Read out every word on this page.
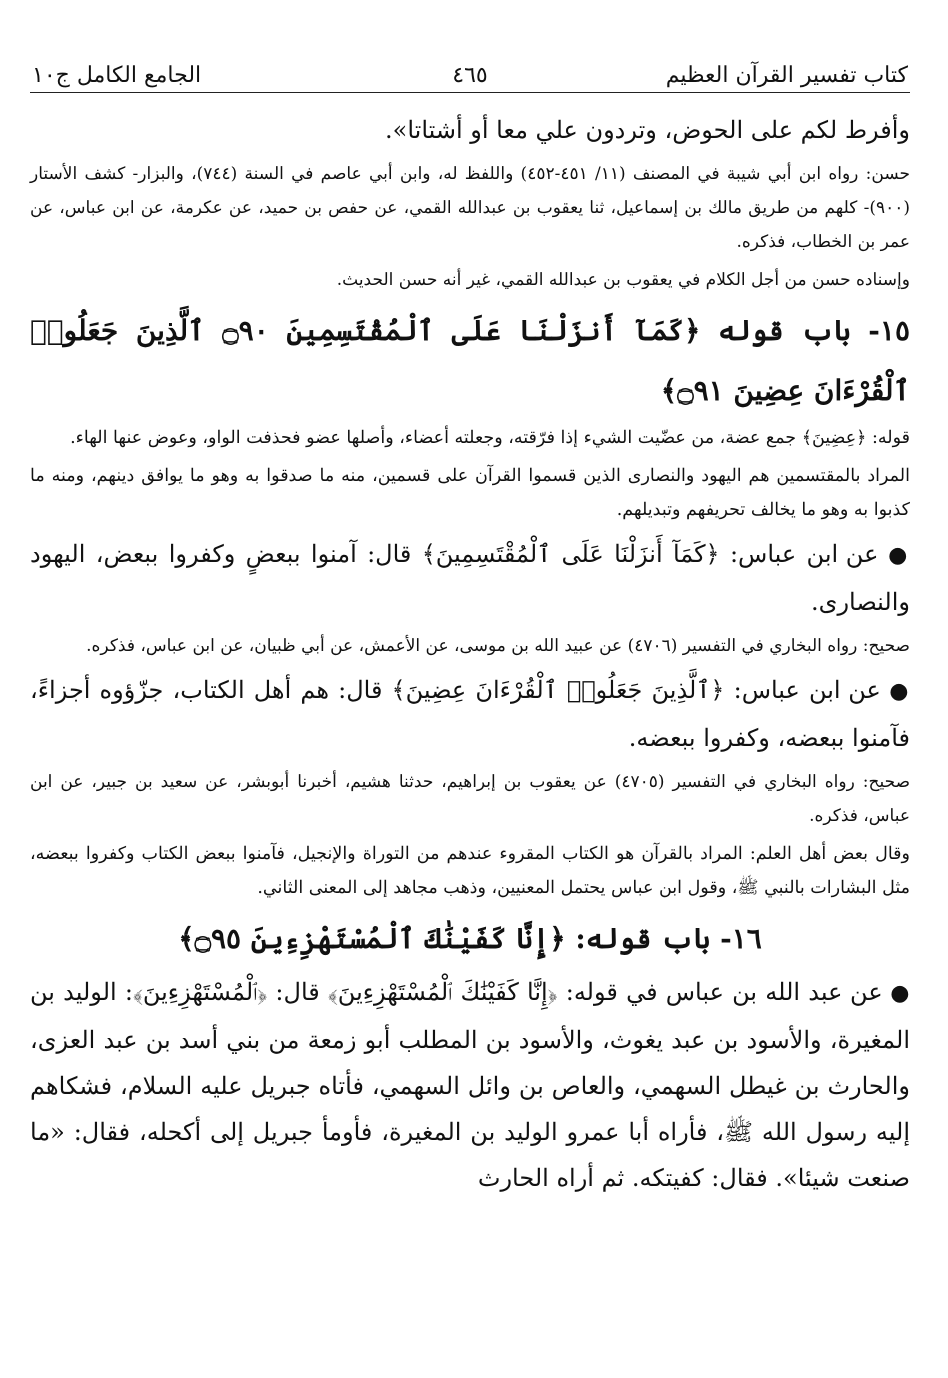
كتاب تفسير القرآن العظيم
٤٦٥
الجامع الكامل ج١٠

وأفرط لكم على الحوض، وتردون علي معا أو أشتاتا».

حسن: رواه ابن أبي شيبة في المصنف (١١/ ٤٥١-٤٥٢) واللفظ له، وابن أبي عاصم في السنة (٧٤٤)، والبزار- كشف الأستار (٩٠٠)- كلهم من طريق مالك بن إسماعيل، ثنا يعقوب بن عبدالله القمي، عن حفص بن حميد، عن عكرمة، عن ابن عباس، عن عمر بن الخطاب، فذكره.

وإسناده حسن من أجل الكلام في يعقوب بن عبدالله القمي، غير أنه حسن الحديث.

١٥- باب قوله ﴿كَمَآ أَنزَلْنَا عَلَى ٱلْمُقْتَسِمِينَ ۝٩٠ ٱلَّذِينَ جَعَلُوا۟ ٱلْقُرْءَانَ عِضِينَ ۝٩١﴾

قوله: ﴿عِضِينَ﴾ جمع عضة، من عضّيت الشيء إذا فرّقته، وجعلته أعضاء، وأصلها عضو فحذفت الواو، وعوض عنها الهاء.

المراد بالمقتسمين هم اليهود والنصارى الذين قسموا القرآن على قسمين، منه ما صدقوا به وهو ما يوافق دينهم، ومنه ما كذبوا به وهو ما يخالف تحريفهم وتبديلهم.

● عن ابن عباس: ﴿كَمَآ أَنزَلْنَا عَلَى ٱلْمُقْتَسِمِينَ﴾ قال: آمنوا ببعضٍ وكفروا ببعض، اليهود والنصارى.

صحيح: رواه البخاري في التفسير (٤٧٠٦) عن عبيد الله بن موسى، عن الأعمش، عن أبي ظبيان، عن ابن عباس، فذكره.

● عن ابن عباس: ﴿ٱلَّذِينَ جَعَلُوا۟ ٱلْقُرْءَانَ عِضِينَ﴾ قال: هم أهل الكتاب، جزّؤوه أجزاءً، فآمنوا ببعضه، وكفروا ببعضه.

صحيح: رواه البخاري في التفسير (٤٧٠٥) عن يعقوب بن إبراهيم، حدثنا هشيم، أخبرنا أبوبشر، عن سعيد بن جبير، عن ابن عباس، فذكره.

وقال بعض أهل العلم: المراد بالقرآن هو الكتاب المقروء عندهم من التوراة والإنجيل، فآمنوا ببعض الكتاب وكفروا ببعضه، مثل البشارات بالنبي ﷺ، وقول ابن عباس يحتمل المعنيين، وذهب مجاهد إلى المعنى الثاني.

١٦- باب قوله: ﴿إِنَّا كَفَيْنَٰكَ ٱلْمُسْتَهْزِءِينَ ۝٩٥﴾

● عن عبد الله بن عباس في قوله: ﴿إِنَّا كَفَيْنَٰكَ ٱلْمُسْتَهْزِءِينَ﴾ قال: ﴿ٱلْمُسْتَهْزِءِينَ﴾: الوليد بن المغيرة، والأسود بن عبد يغوث، والأسود بن المطلب أبو زمعة من بني أسد بن عبد العزى، والحارث بن غيطل السهمي، والعاص بن وائل السهمي، فأتاه جبريل عليه السلام، فشكاهم إليه رسول الله ﷺ، فأراه أبا عمرو الوليد بن المغيرة، فأومأ جبريل إلى أكحله، فقال: «ما صنعت شيئا». فقال: كفيتكه. ثم أراه الحارث
